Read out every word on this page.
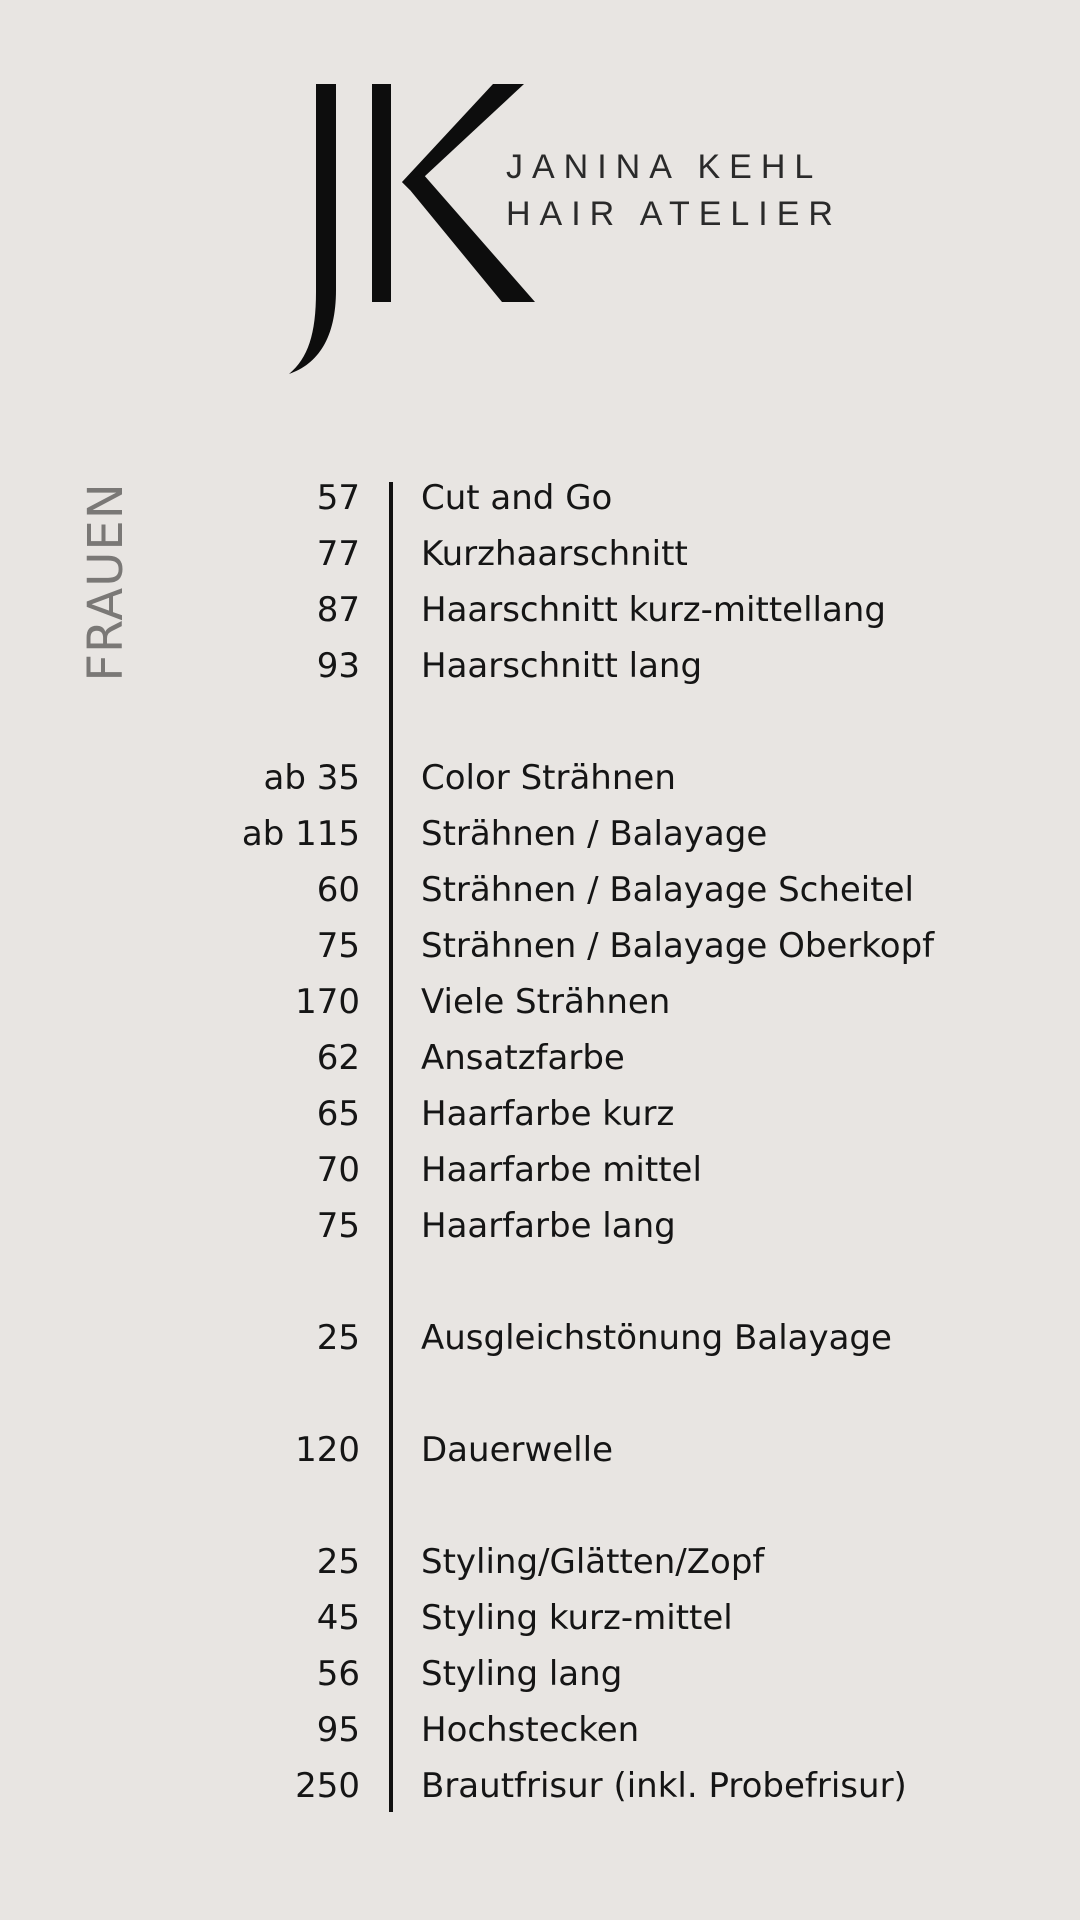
JANINA KEHL
HAIR ATELIER
FRAUEN	57 Cut and Go
77 Kurzhaarschnitt
87 Haarschnitt kurz-mittellang
93 Haarschnitt lang
ab 35 Color Strähnen
ab 115 Strähnen / Balayage
60 Strähnen / Balayage Scheitel
75 Strähnen / Balayage Oberkopf
170 Viele Strähnen
62 Ansatzfarbe
65 Haarfarbe kurz
70 Haarfarbe mittel
75 Haarfarbe lang
25 Ausgleichstönung Balayage
120 Dauerwelle
25 Styling/Glätten/Zopf
45 Styling kurz-mittel
56 Styling lang
95 Hochstecken
250 Brautfrisur (inkl. Probefrisur)
